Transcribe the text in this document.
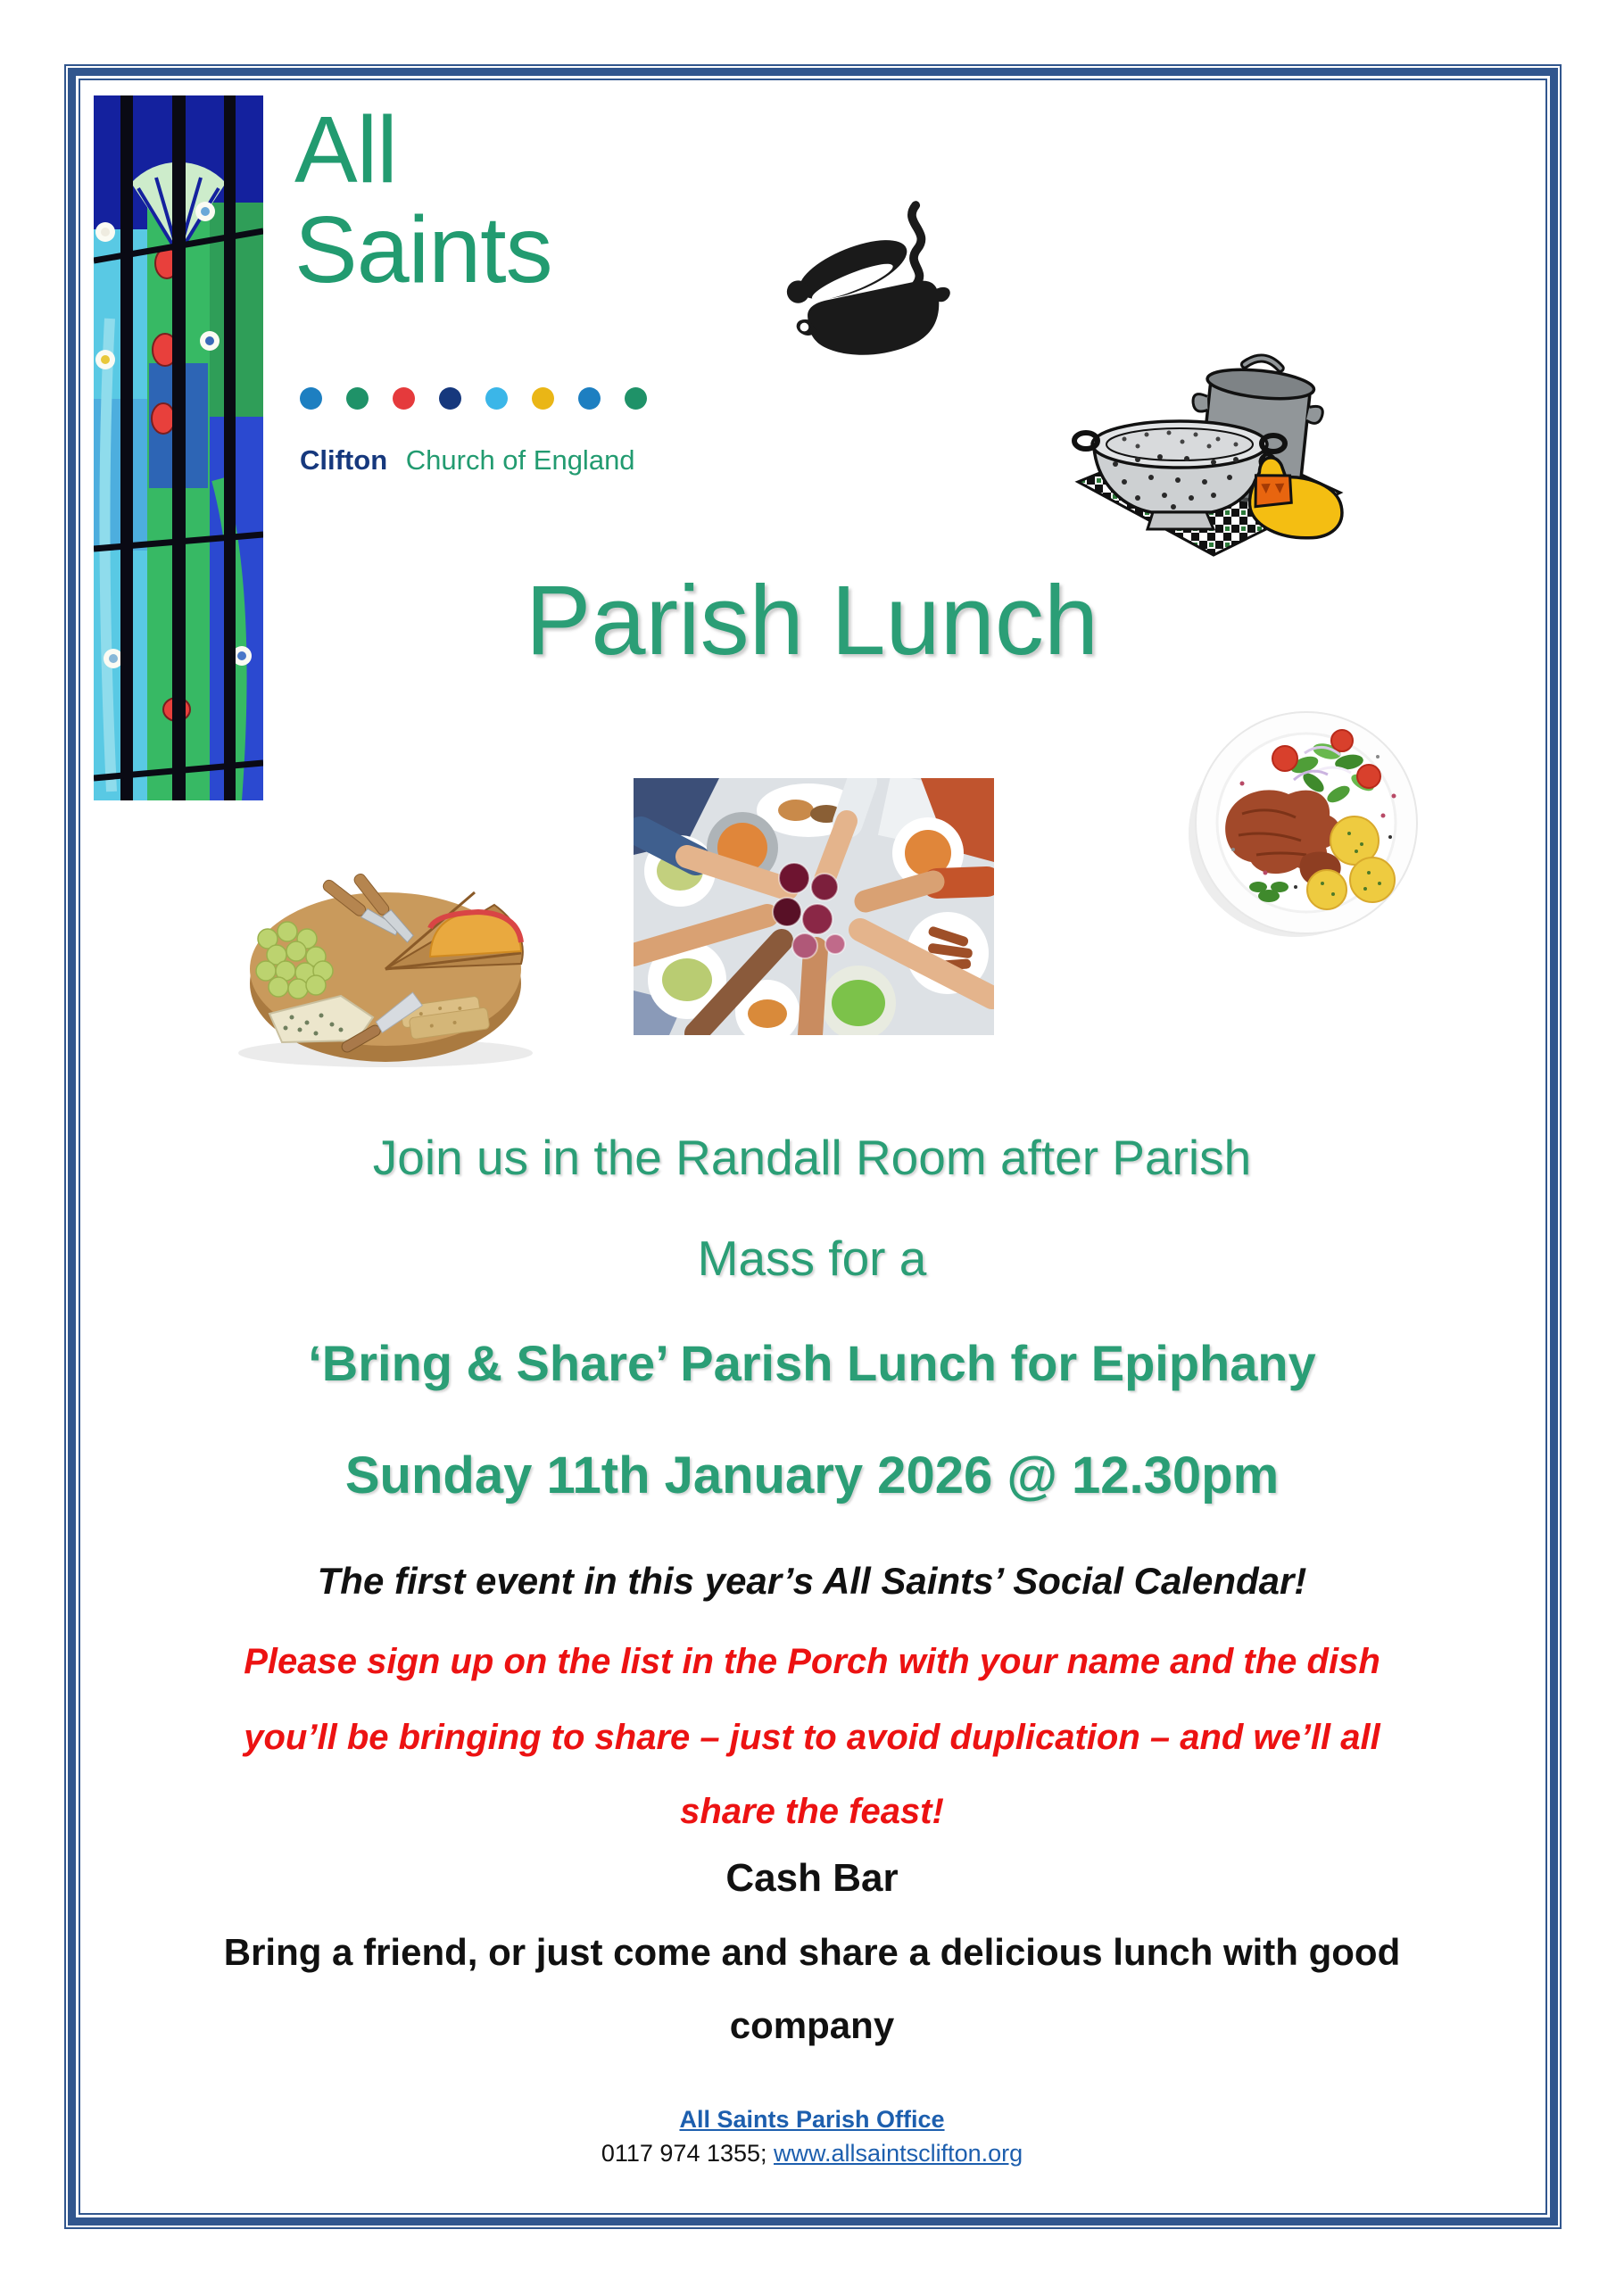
All
Saints
Clifton Church of England
Parish Lunch
Join us in the Randall Room after Parish
Mass for a
‘Bring & Share’ Parish Lunch for Epiphany
Sunday 11th January 2026 @ 12.30pm
The first event in this year’s All Saints’ Social Calendar!
Please sign up on the list in the Porch with your name and the dish
you’ll be bringing to share – just to avoid duplication – and we’ll all
share the feast!
Cash Bar
Bring a friend, or just come and share a delicious lunch with good
company
All Saints Parish Office
0117 974 1355; www.allsaintsclifton.org
